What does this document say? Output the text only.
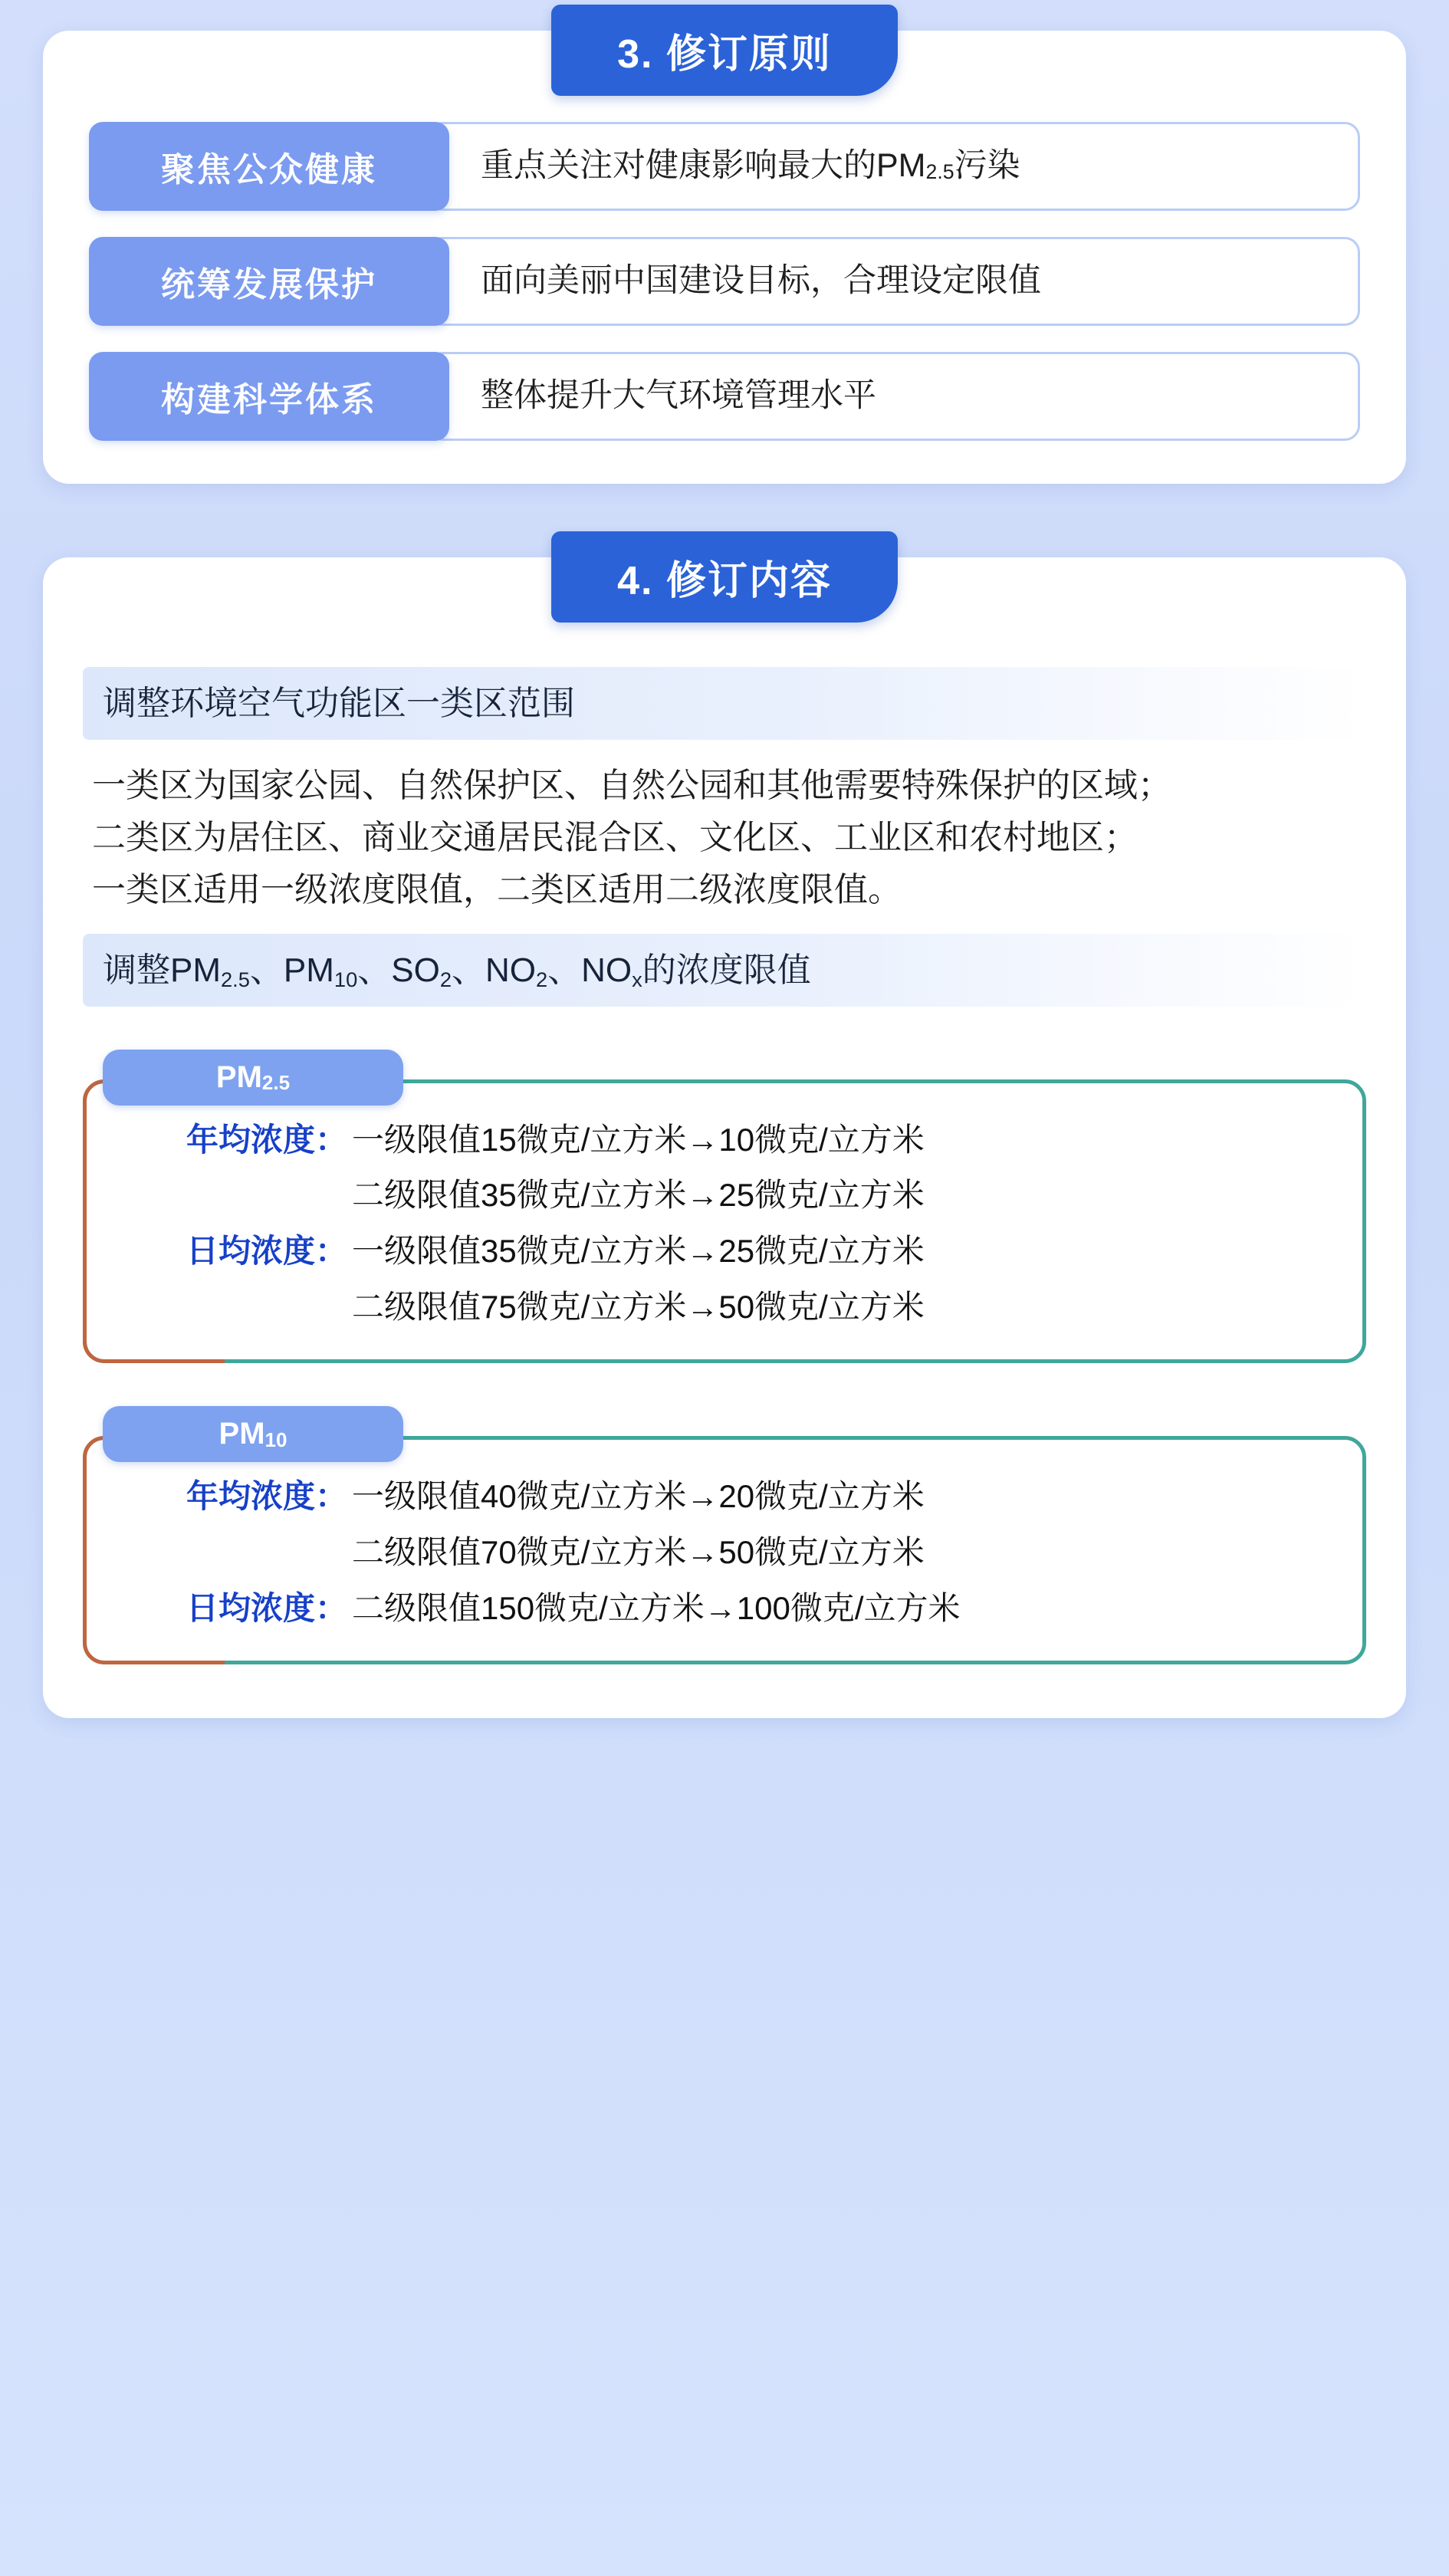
3. 修订原则
聚焦公众健康	重点关注对健康影响最大的$PM_{2.5}$ 污染
统筹发展保护	面向美丽中国建设目标，合理设定限值
构建科学体系	整体提升大气环境管理水平
4. 修订内容
调整环境空气功能区一类区范围

一类区为国家公园、自然保护区、自然公园和其他需要特殊保护的区域；

二类区为居住区、商业交通居民混合区、文化区、工业区和农村地区；

一类区适用一级浓度限值，二类区适用二级浓度限值。

调整$PM_{2.5}$、$PM_{10}$、$SO_2$、$NO_2$、$NO_x$的浓度限值
$PM_{2.5}$
年均浓度： 一级限值15微克/立方米→10微克/立方米
二级限值35微克/立方米→25微克/立方米
日均浓度： 一级限值35微克/立方米→25微克/立方米
二级限值75微克/立方米→50微克/立方米
$PM_{10}$
年均浓度： 一级限值40微克/立方米→20微克/立方米
二级限值70微克/立方米→50微克/立方米
日均浓度： 二级限值150微克/立方米→100微克/立方米
